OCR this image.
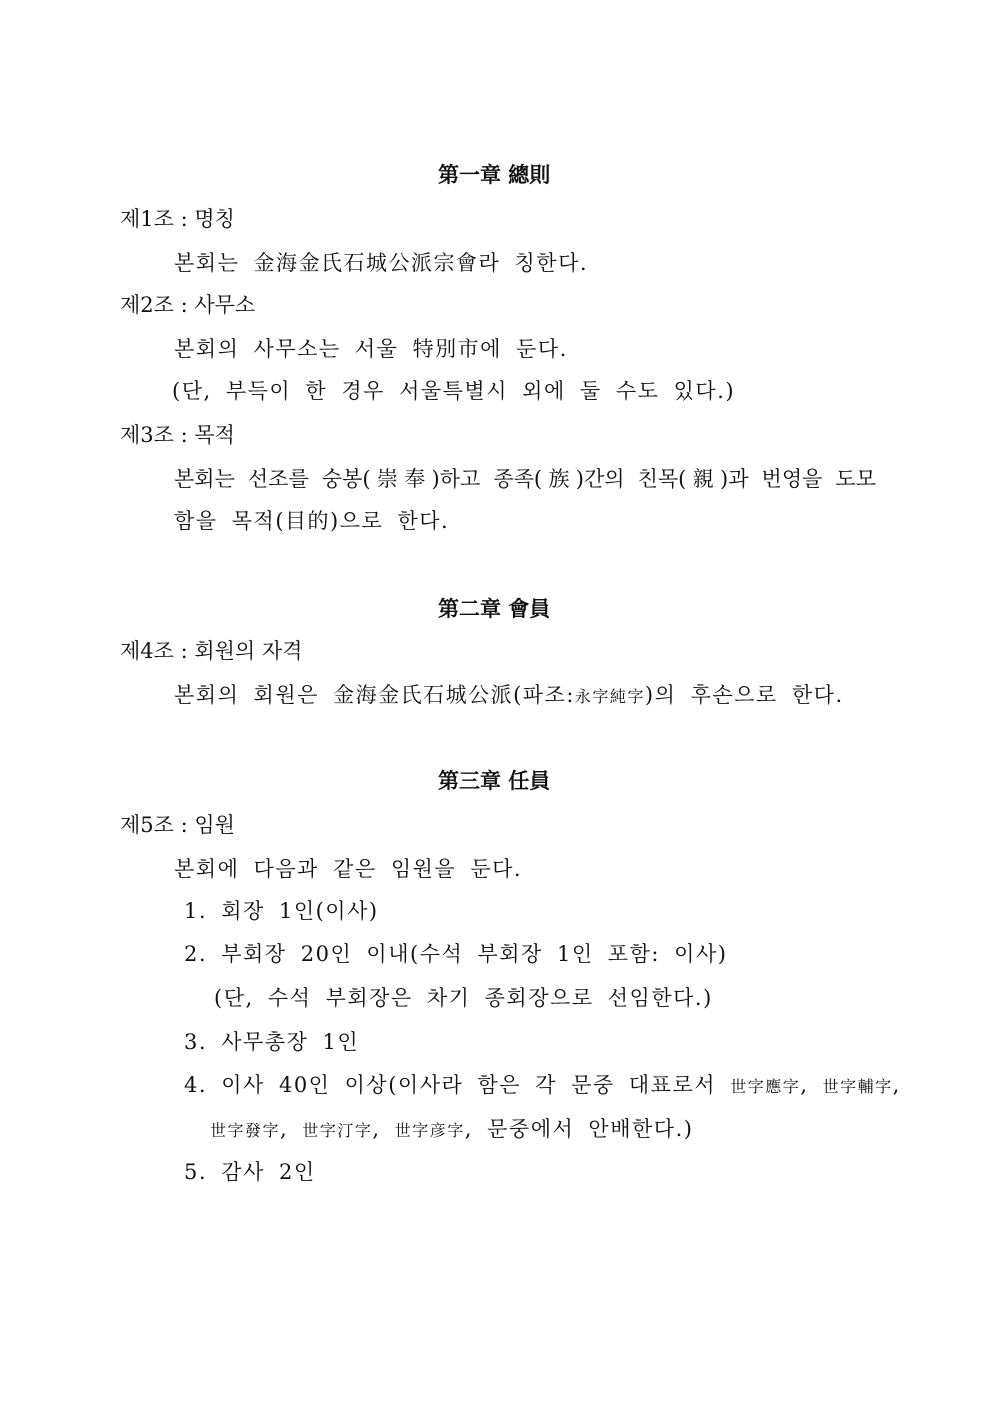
第一章 總則
제1조 : 명칭
본회는 金海金氏石城公派宗會라 칭한다.
제2조 : 사무소
본회의 사무소는 서울 特別市에 둔다.
(단, 부득이 한 경우 서울특별시 외에 둘 수도 있다.)
제3조 : 목적
본회는 선조를 숭봉(崇奉)하고 종족(族)간의 친목(親)과 번영을 도모
함을 목적(目的)으로 한다.
第二章 會員
제4조 : 회원의 자격
본회의 회원은 金海金氏石城公派(파조:永字純字)의 후손으로 한다.
第三章 任員
제5조 : 임원
본회에 다음과 같은 임원을 둔다.
1. 회장 1인(이사)
2. 부회장 20인 이내(수석 부회장 1인 포함: 이사)
(단, 수석 부회장은 차기 종회장으로 선임한다.)
3. 사무총장 1인
4. 이사 40인 이상(이사라 함은 각 문중 대표로서 世字應字, 世字輔字,
世字發字, 世字汀字, 世字彦字, 문중에서 안배한다.)
5. 감사 2인
